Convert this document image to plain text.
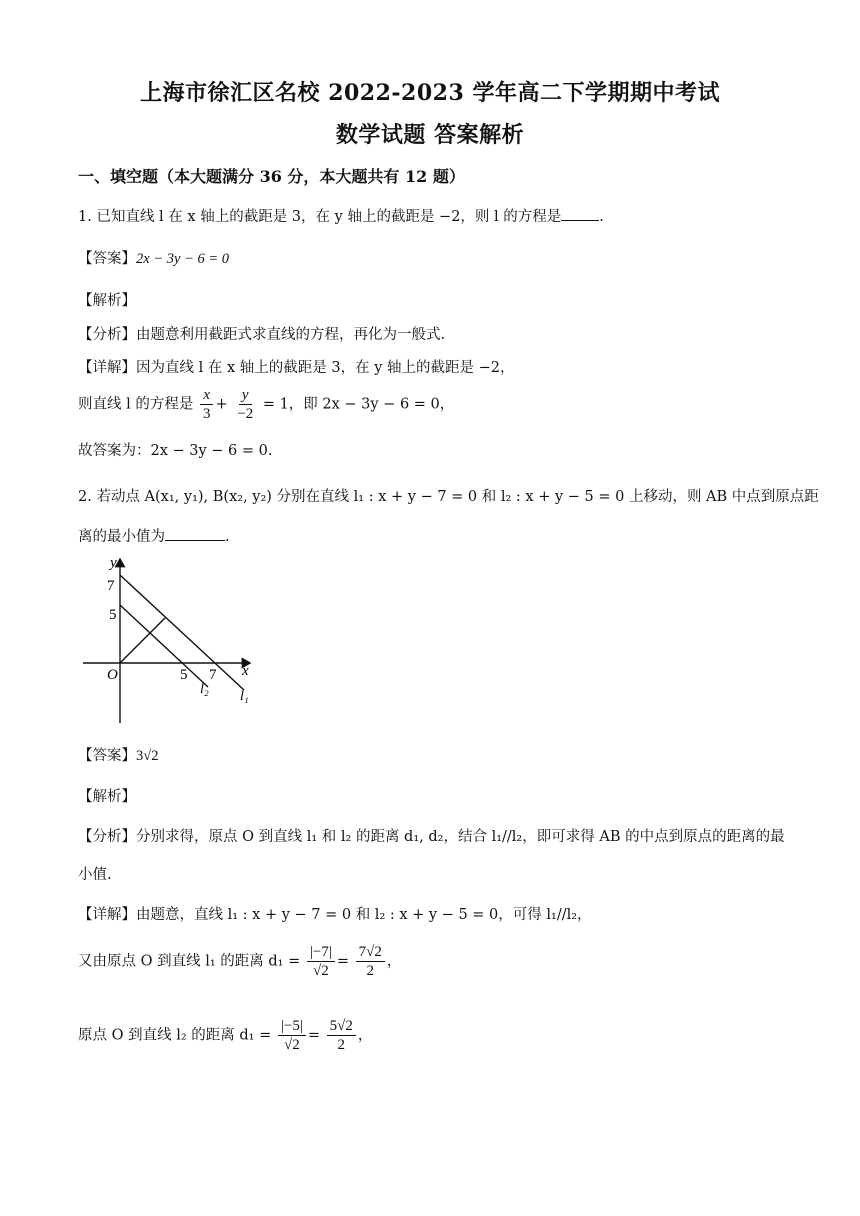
上海市徐汇区名校 2022-2023 学年高二下学期期中考试
数学试题 答案解析
一、填空题（本大题满分 36 分，本大题共有 12 题）
1. 已知直线 l 在 x 轴上的截距是 3，在 y 轴上的截距是 −2，则 l 的方程是	.
【答案】2x − 3y − 6 = 0
【解析】
【分析】由题意利用截距式求直线的方程，再化为一般式.
【详解】因为直线 l 在 x 轴上的截距是 3，在 y 轴上的截距是 −2，
则直线 l 的方程是 $\frac{x}{3} + \frac{y}{-2} = 1$，即 2x − 3y − 6 = 0，
故答案为：2x − 3y − 6 = 0.
2. 若动点 A(x₁, y₁), B(x₂, y₂) 分别在直线 l₁ : x + y − 7 = 0 和 l₂ : x + y − 5 = 0 上移动，则 AB 中点到原点距
离的最小值为	.
y
x
O
7
5
5 7
l₂ l₁
【答案】3√2
【解析】
【分析】分别求得，原点 O 到直线 l₁ 和 l₂ 的距离 d₁, d₂，结合 l₁//l₂，即可求得 AB 的中点到原点的距离的最
小值.
【详解】由题意，直线 l₁ : x + y − 7 = 0 和 l₂ : x + y − 5 = 0，可得 l₁//l₂，
又由原点 O 到直线 l₁ 的距离 $d_1 = \frac{|-7|}{√2} = \frac{7√2}{2}$ ，
原点 O 到直线 l₂ 的距离 $d_1 = \frac{|-5|}{√2} = \frac{5√2}{2}$ ，
